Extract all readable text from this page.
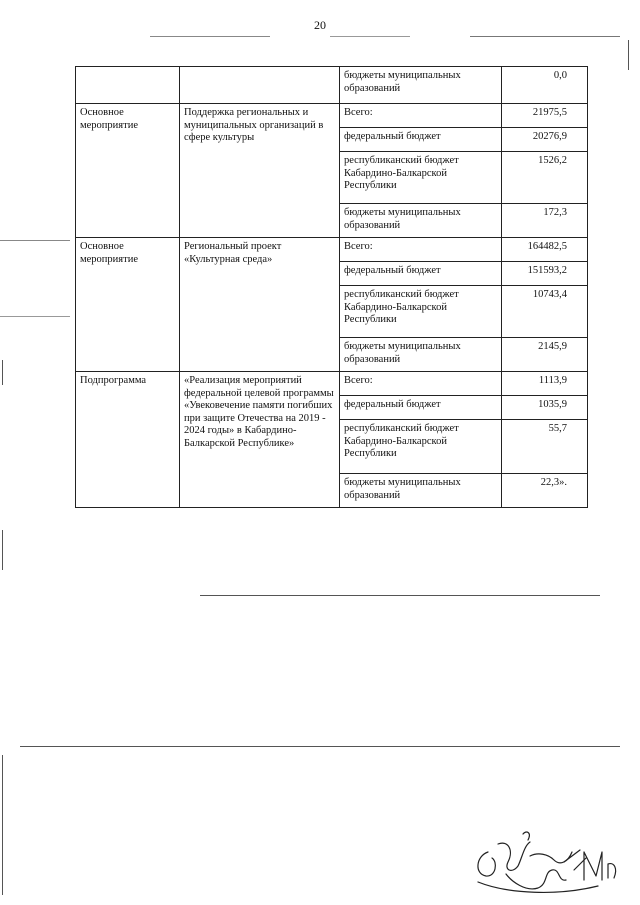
20
		бюджеты муниципальных образований	0,0
Основное мероприятие	Поддержка региональных и муниципальных организаций в сфере культуры	Всего:	21975,5
		федеральный бюджет	20276,9
		республиканский бюджет Кабардино-Балкарской Республики	1526,2
		бюджеты муниципальных образований	172,3
Основное мероприятие	Региональный проект «Культурная среда»	Всего:	164482,5
		федеральный бюджет	151593,2
		республиканский бюджет Кабардино-Балкарской Республики	10743,4
		бюджеты муниципальных образований	2145,9
Подпрограмма	«Реализация мероприятий федеральной целевой программы «Увековечение памяти погибших при защите Отечества на 2019 - 2024 годы» в Кабардино-Балкарской Республике»	Всего:	1113,9
		федеральный бюджет	1035,9
		республиканский бюджет Кабардино-Балкарской Республики	55,7
		бюджеты муниципальных образований	22,3».
